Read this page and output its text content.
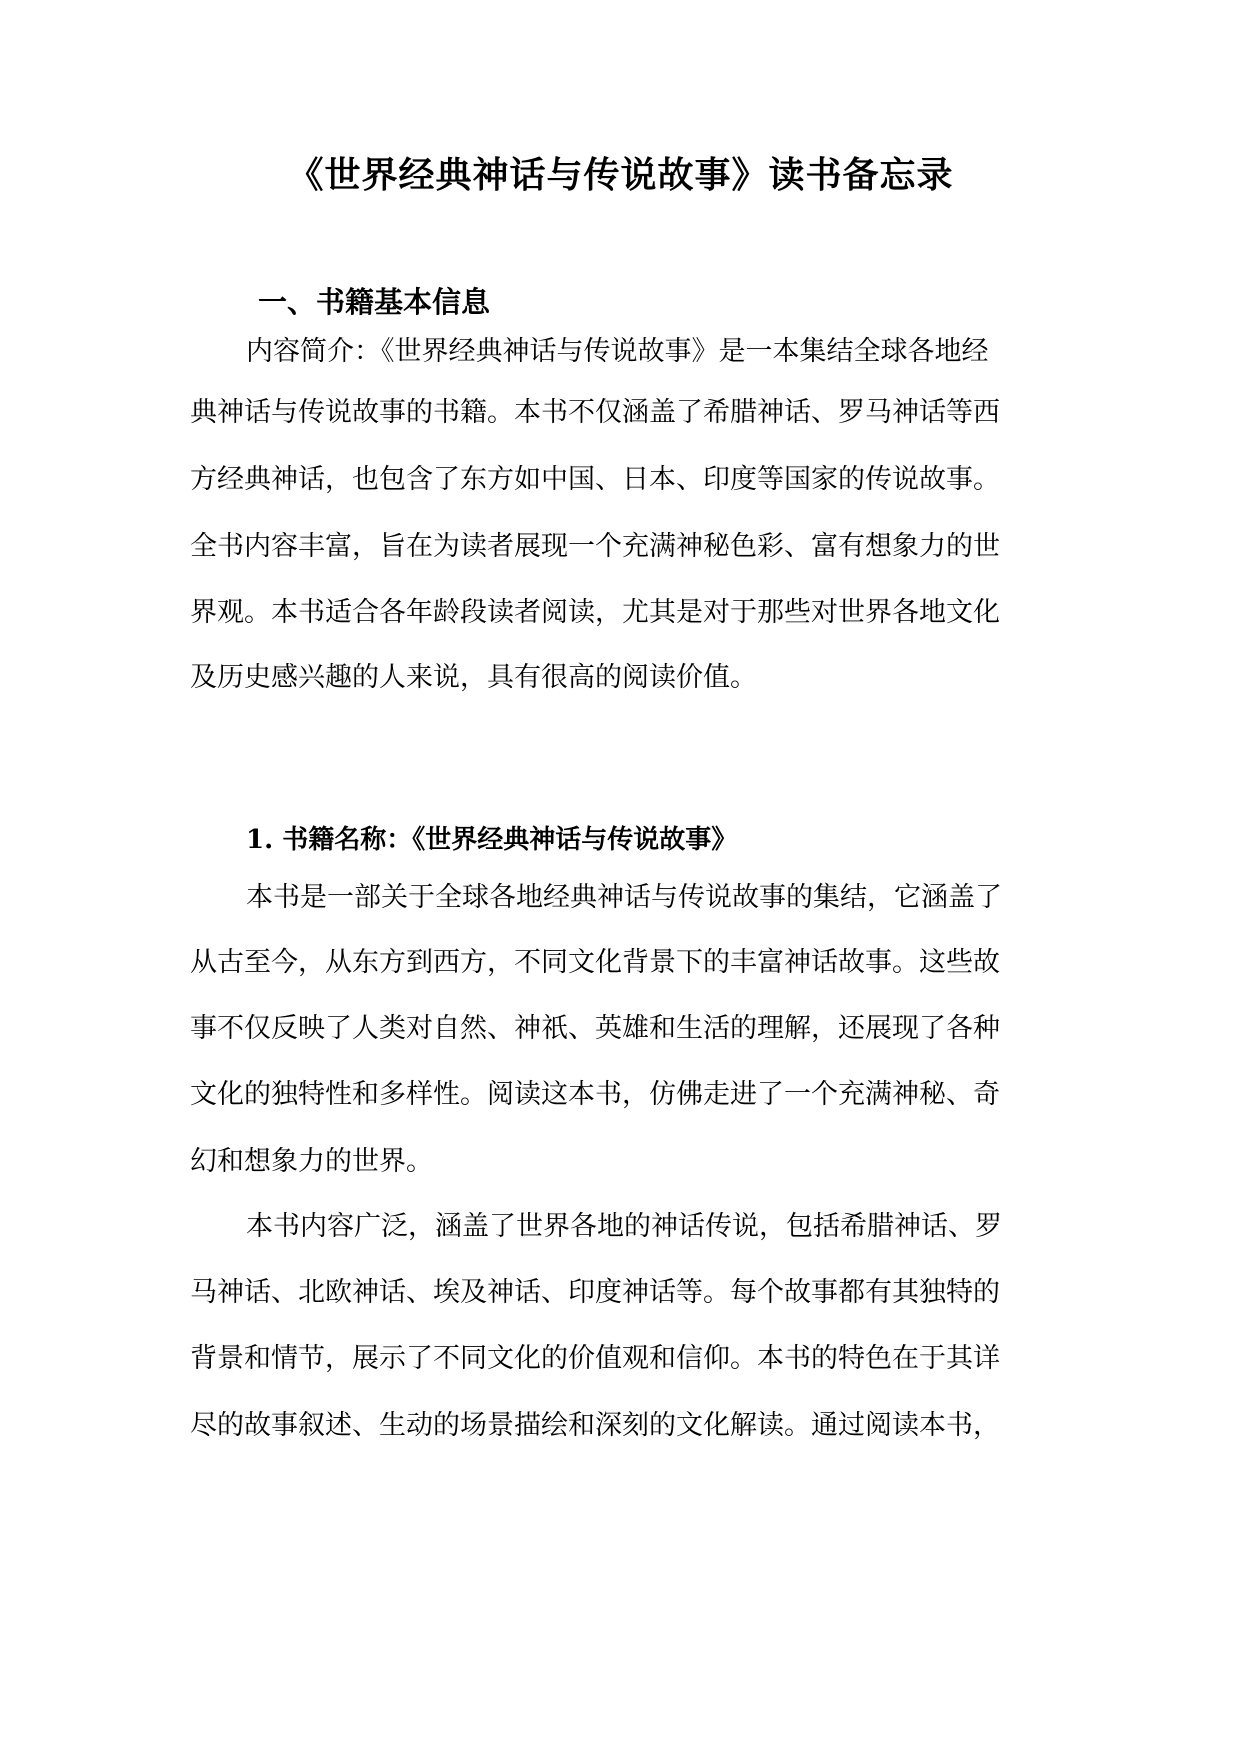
《世界经典神话与传说故事》读书备忘录
一、书籍基本信息

内容简介：《世界经典神话与传说故事》是一本集结全球各地经

典神话与传说故事的书籍。本书不仅涵盖了希腊神话、罗马神话等西

方经典神话，也包含了东方如中国、日本、印度等国家的传说故事。

全书内容丰富，旨在为读者展现一个充满神秘色彩、富有想象力的世

界观。本书适合各年龄段读者阅读，尤其是对于那些对世界各地文化

及历史感兴趣的人来说，具有很高的阅读价值。

1. 书籍名称：《世界经典神话与传说故事》

本书是一部关于全球各地经典神话与传说故事的集结，它涵盖了

从古至今，从东方到西方，不同文化背景下的丰富神话故事。这些故

事不仅反映了人类对自然、神祇、英雄和生活的理解，还展现了各种

文化的独特性和多样性。阅读这本书，仿佛走进了一个充满神秘、奇

幻和想象力的世界。

本书内容广泛，涵盖了世界各地的神话传说，包括希腊神话、罗

马神话、北欧神话、埃及神话、印度神话等。每个故事都有其独特的

背景和情节，展示了不同文化的价值观和信仰。本书的特色在于其详

尽的故事叙述、生动的场景描绘和深刻的文化解读。通过阅读本书，
